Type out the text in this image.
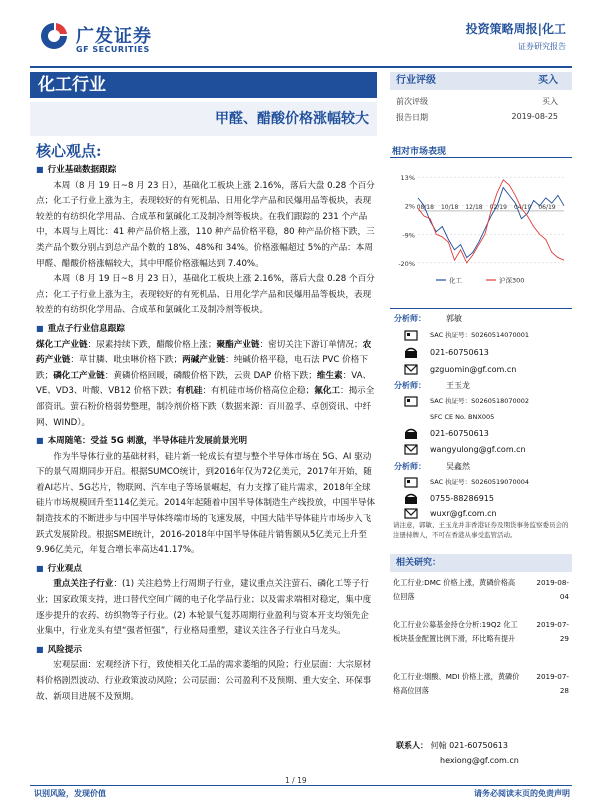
广发证券
GF SECURITIES
投资策略周报|化工
证券研究报告
化工行业
甲醛、醋酸价格涨幅较大
核心观点:
■ 行业基础数据跟踪

本周（8 月 19 日~8 月 23 日），基础化工板块上涨 2.16%，落后大盘 0.28 个百分点；化工子行业上涨为主，表现较好的有死机品、日用化学产品和民爆用品等板块，表现较差的有纺织化学用品、合成革和氯碱化工及制冷剂等板块。在我们跟踪的 231 个产品中，本周与上周比：41 种产品价格上涨，110 种产品价格平稳，80 种产品价格下跌，三类产品个数分别占到总产品个数的 18%、48%和 34%。价格涨幅超过 5%的产品：本周甲醛、醋酸价格涨幅较大，其中甲醛价格涨幅达到 7.40%。

本周（8 月 19 日~8 月 23 日），基础化工板块上涨 2.16%，落后大盘 0.28 个百分点；化工子行业上涨为主，表现较好的有死机品、日用化学产品和民爆用品等板块，表现较差的有纺织化学用品、合成革和氯碱化工及制冷剂等板块。

■ 重点子行业信息跟踪

煤化工产业链：尿素持续下跌，醋酸价格上涨；聚酯产业链：密切关注下游订单情况；农药产业链：草甘膦、吡虫啉价格下跌；两碱产业链：纯碱价格平稳，电石法 PVC 价格下跌；磷化工产业链：黄磷价格回暖，磷酸价格下跌，云贵 DAP 价格下跌；维生素：VA、VE、VD3、叶酸、VB12 价格下跌；有机硅：有机硅市场价格高位企稳；氟化工：揭示全部资讯。萤石粉价格弱势整理，制冷剂价格下跌（数据来源：百川盈孚、卓创资讯、中纤网、WIND）。

■ 本周随笔：受益 5G 刺激，半导体硅片发展前景光明

作为半导体行业的基础材料，硅片新一轮成长有望与整个半导体市场在 5G、AI 驱动下的景气周期同步开启。根据SUMCO统计，到2016年仅为72亿美元，2017年开始，随着AI芯片、5G芯片，物联网、汽车电子等场景崛起，有力支撑了硅片需求，2018年全球硅片市场规模回升至114亿美元。2014年起随着中国半导体制造生产线投放，中国半导体制造技术的不断进步与中国半导体终端市场的飞速发展，中国大陆半导体硅片市场步入飞跃式发展阶段。根据SMEI统计，2016-2018年中国半导体硅片销售额从5亿美元上升至9.96亿美元，年复合增长率高达41.17%。

■ 行业观点

重点关注子行业：(1) 关注趋势上行周期子行业，建议重点关注萤石、磷化工等子行业；国家政策支持，进口替代空间广阔的电子化学品行业；以及需求端相对稳定，集中度逐步提升的农药、纺织物等子行业。(2) 本轮景气复苏周期行业盈利与资本开支均领先企业集中，行业龙头有望“强者恒强”，行业格局重塑，建议关注各子行业白马龙头。

■ 风险提示

宏观层面：宏观经济下行，致使相关化工品的需求萎缩的风险；行业层面：大宗原材料价格剧烈波动、行业政策波动风险；公司层面：公司盈利不及预期、重大安全、环保事故、新项目进展不及预期。

行业评级	买入
前次评级	买入
报告日期	2019-08-25
相对市场表现
13%
2%
-9%
-20%
08/18 10/18 12/18 02/19 04/19 06/19
化工	沪深300
分析师：	郭敏
SAC 执证号：S0260514070001
021-60750613
gzguomin@gf.com.cn
分析师：	王玉龙
SAC 执证号：S0260518070002
SFC CE No. BNX005
021-60750613
wangyulong@gf.com.cn
分析师：	吴鑫然
SAC 执证号：S0260519070004
0755-88286915
wuxr@gf.com.cn
请注意，郭敏、王玉龙并非香港证券及期货事务监察委员会的注册持牌人，不可在香港从事受监管活动。
相关研究：
化工行业:DMC 价格上涨，黄磷价格高位回落
2019-08-
04
化工行业公募基金持仓分析:19Q2 化工板块基金配置比例下滑，环比略有提升
2019-07-
29
化工行业:烟酸、MDI 价格上涨，黄磷价格高位回落
2019-07-
28
联系人： 何翰 021-60750613
hexiong@gf.com.cn
1 / 19
识别风险，发现价值	请务必阅读末页的免责声明
